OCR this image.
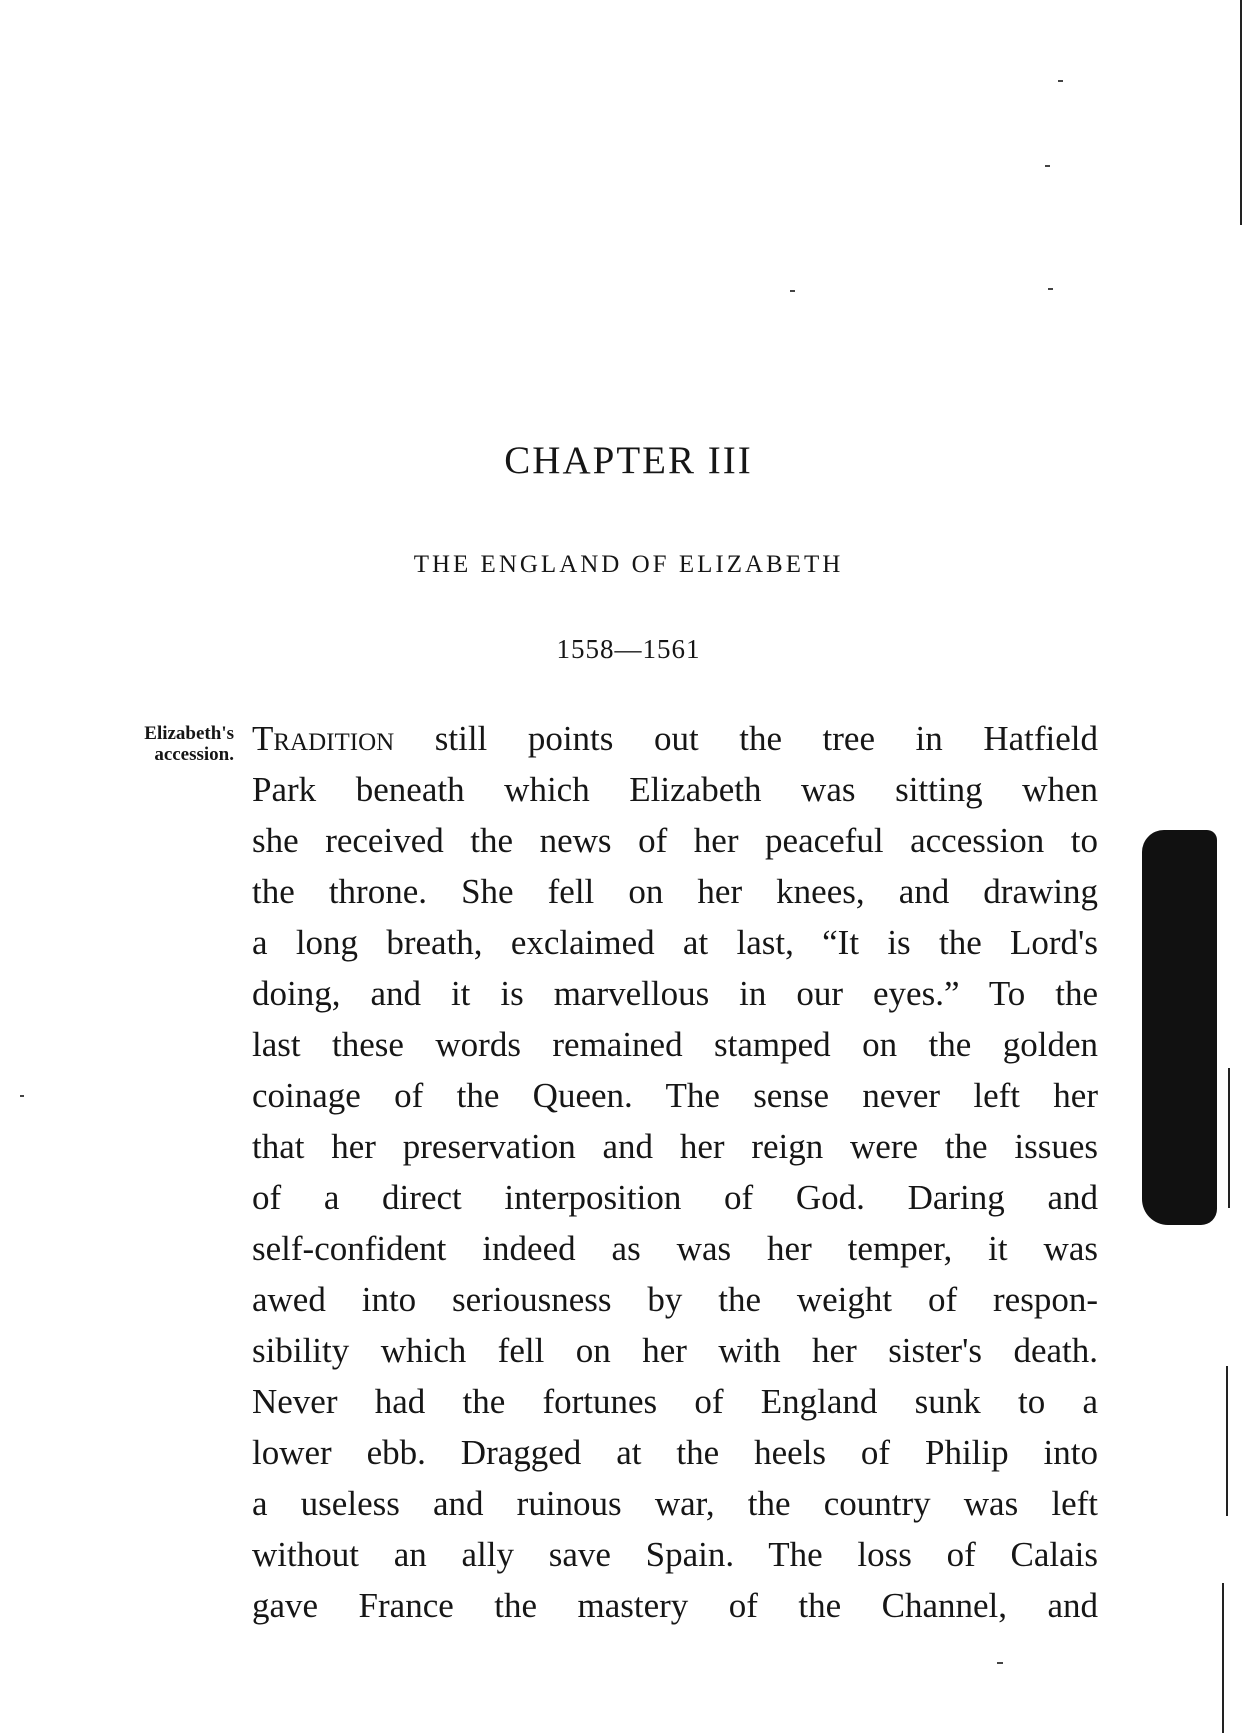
CHAPTER III
THE ENGLAND OF ELIZABETH
1558—1561
Elizabeth's
accession. Tradition still points out the tree in Hatfield
Park beneath which Elizabeth was sitting when
she received the news of her peaceful accession to
the throne. She fell on her knees, and drawing
a long breath, exclaimed at last, “It is the Lord's
doing, and it is marvellous in our eyes.” To the
last these words remained stamped on the golden
coinage of the Queen. The sense never left her
that her preservation and her reign were the issues
of a direct interposition of God. Daring and
self-confident indeed as was her temper, it was
awed into seriousness by the weight of respon-
sibility which fell on her with her sister's death.
Never had the fortunes of England sunk to a
lower ebb. Dragged at the heels of Philip into
a useless and ruinous war, the country was left
without an ally save Spain. The loss of Calais
gave France the mastery of the Channel, and
